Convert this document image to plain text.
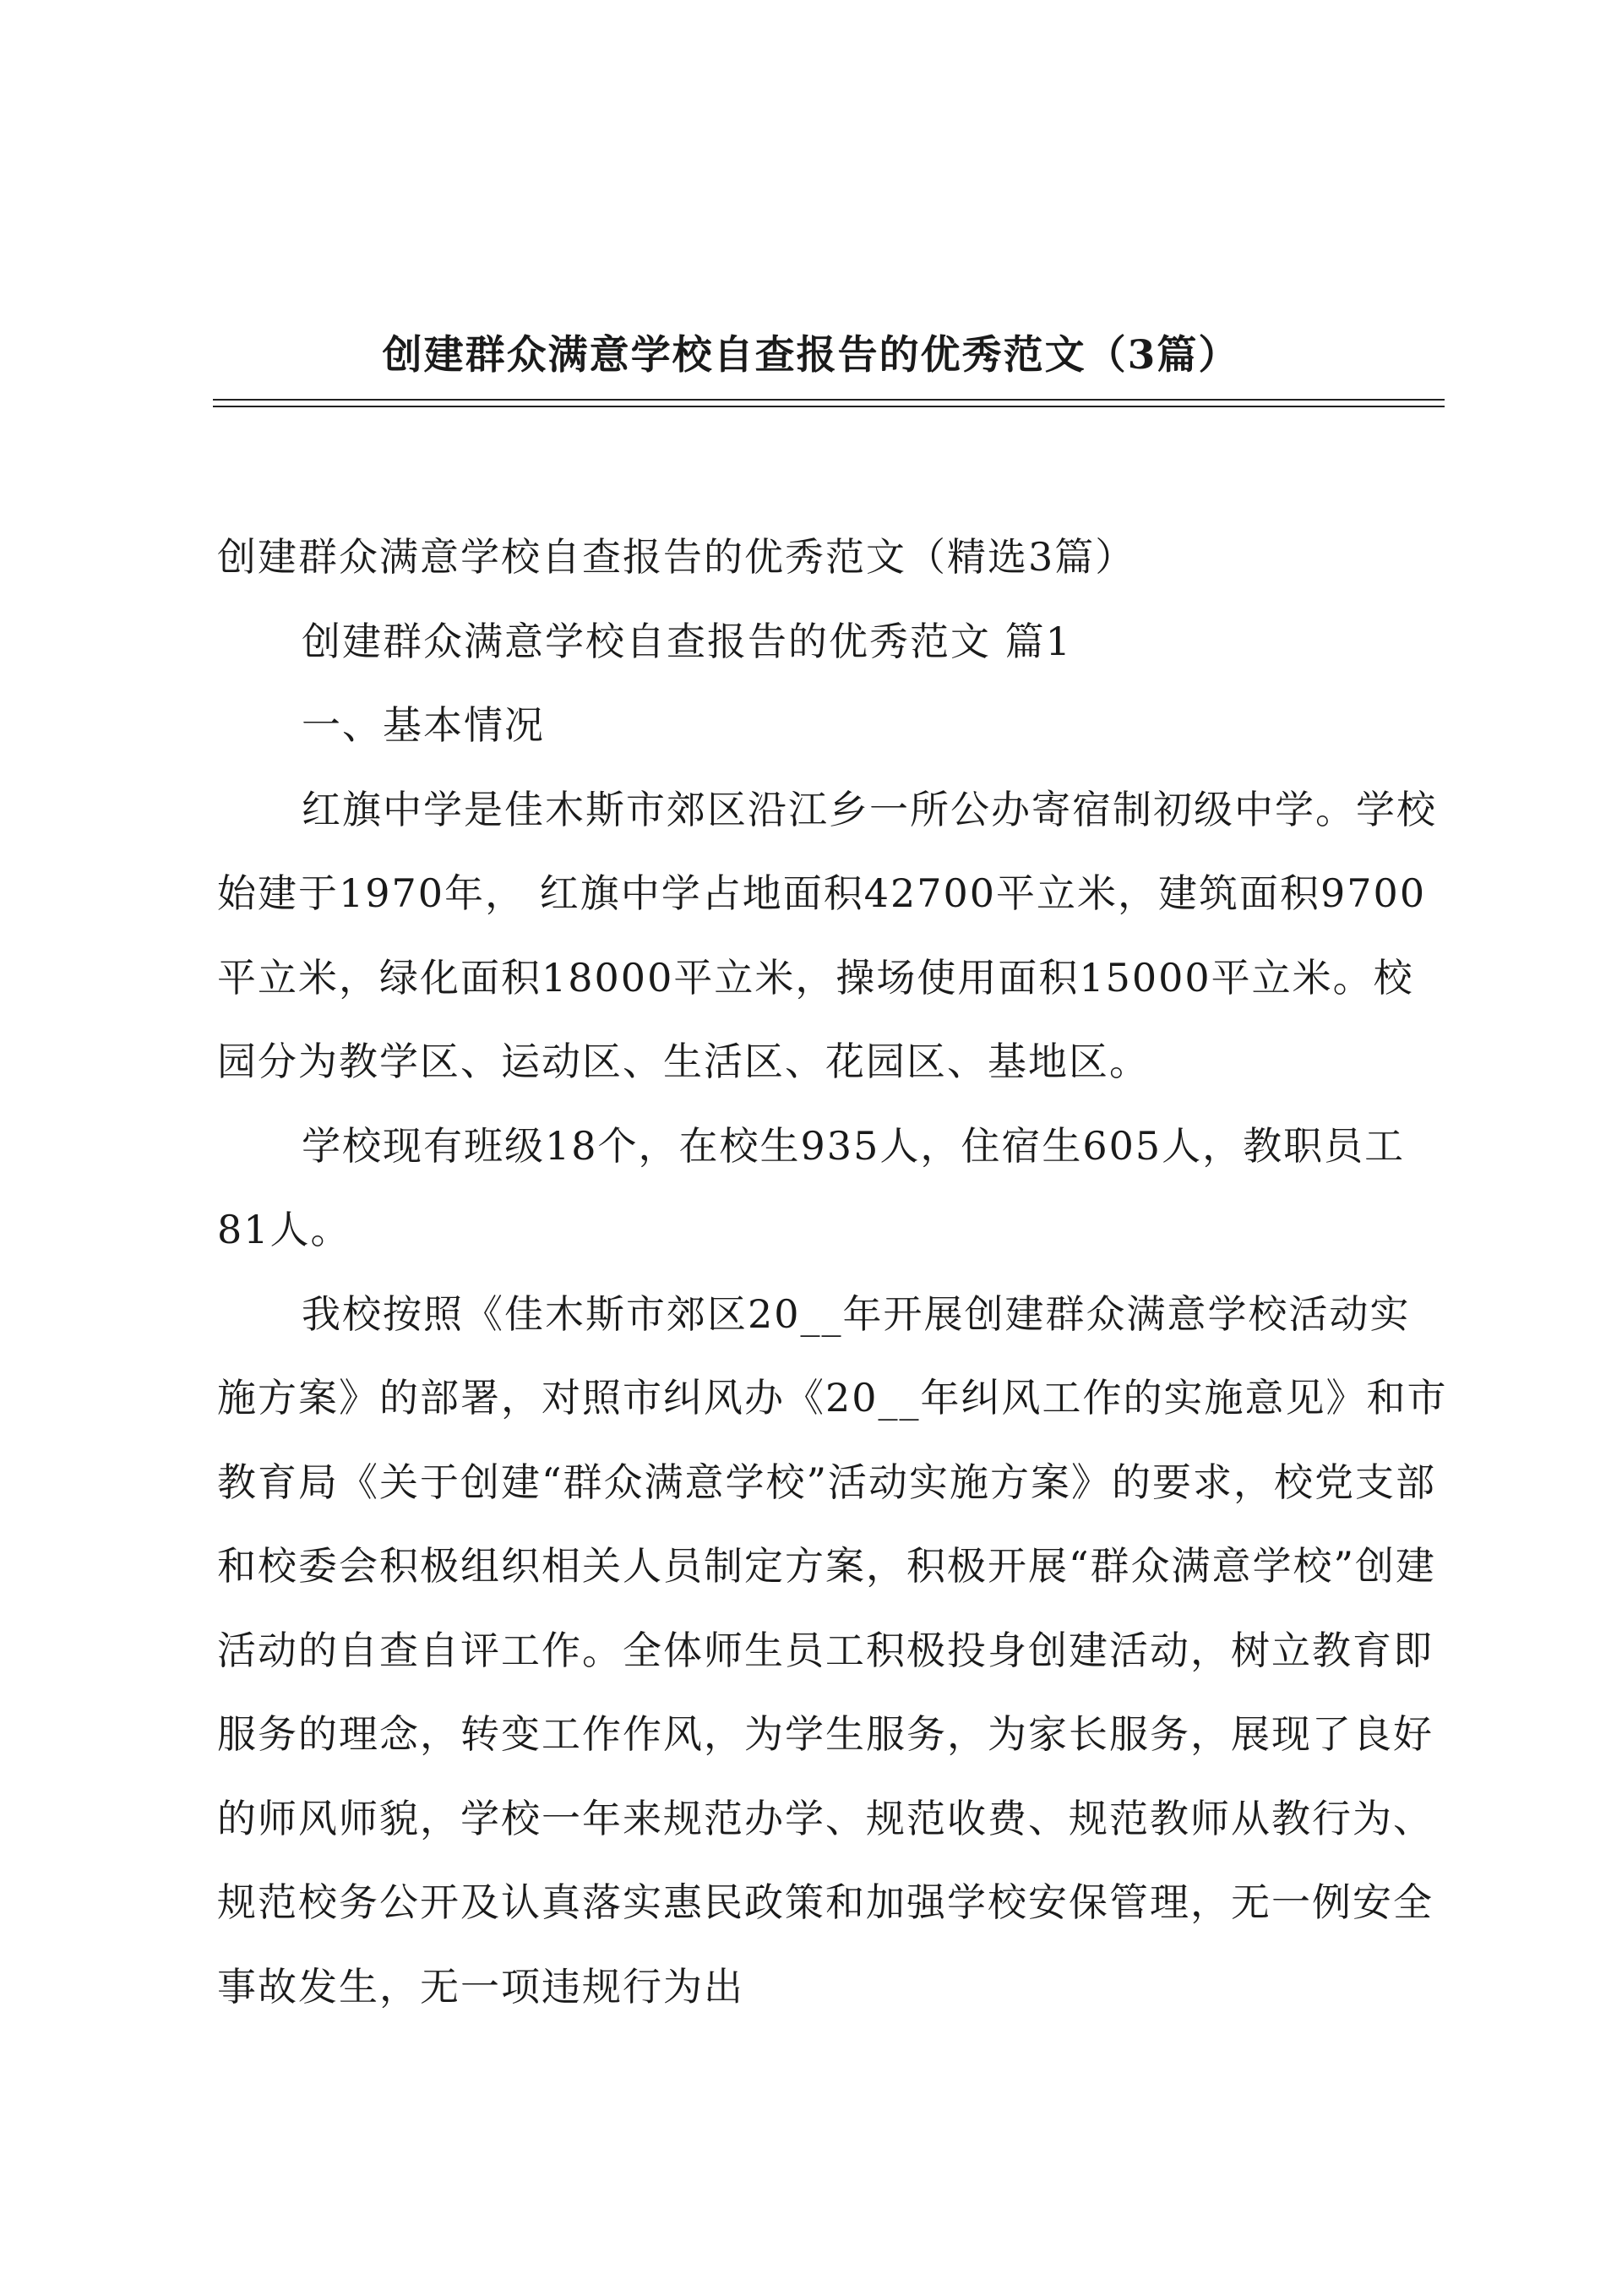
创建群众满意学校自查报告的优秀范文（3篇）

创建群众满意学校自查报告的优秀范文（精选3篇）

创建群众满意学校自查报告的优秀范文 篇1

一、基本情况

红旗中学是佳木斯市郊区沿江乡一所公办寄宿制初级中学。学校始建于1970年， 红旗中学占地面积42700平立米，建筑面积9700平立米，绿化面积18000平立米，操场使用面积15000平立米。校园分为教学区、运动区、生活区、花园区、基地区。

学校现有班级18个，在校生935人，住宿生605人，教职员工81人。

我校按照《佳木斯市郊区20__年开展创建群众满意学校活动实施方案》的部署，对照市纠风办《20__年纠风工作的实施意见》和市教育局《关于创建“群众满意学校”活动实施方案》的要求，校党支部和校委会积极组织相关人员制定方案，积极开展“群众满意学校”创建活动的自查自评工作。全体师生员工积极投身创建活动，树立教育即服务的理念，转变工作作风，为学生服务，为家长服务，展现了良好的师风师貌，学校一年来规范办学、规范收费、规范教师从教行为、规范校务公开及认真落实惠民政策和加强学校安保管理，无一例安全事故发生，无一项违规行为出
